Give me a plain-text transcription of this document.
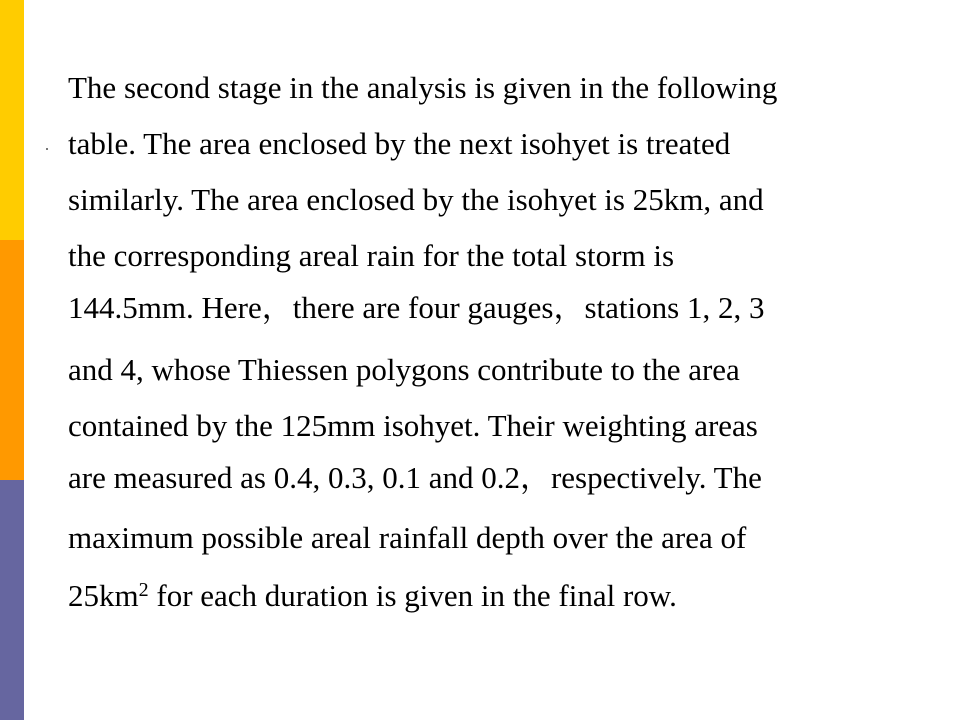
The second stage in the analysis is given in the following
table. The area enclosed by the next isohyet is treated
similarly. The area enclosed by the isohyet is 25km, and
the corresponding areal rain for the total storm is
144.5mm. Here，there are four gauges，stations 1, 2, 3
and 4, whose Thiessen polygons contribute to the area
contained by the 125mm isohyet. Their weighting areas
are measured as 0.4, 0.3, 0.1 and 0.2，respectively. The
maximum possible areal rainfall depth over the area of
$25km^2$ for each duration is given in the final row.
